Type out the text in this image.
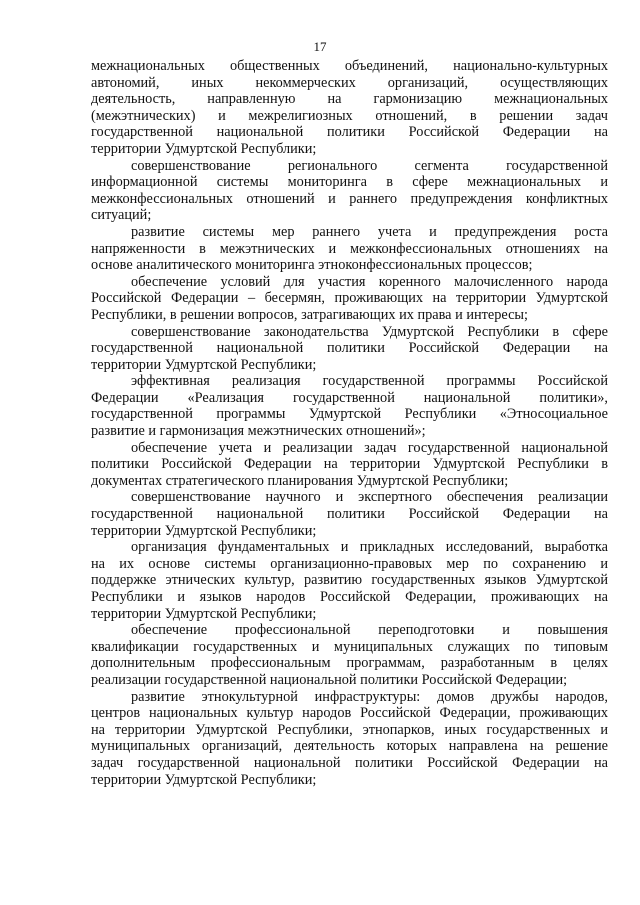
17
межнациональных общественных объединений, национально-культурных
автономий, иных некоммерческих организаций, осуществляющих
деятельность, направленную на гармонизацию межнациональных
(межэтнических) и межрелигиозных отношений, в решении задач
государственной национальной политики Российской Федерации на
территории Удмуртской Республики;
совершенствование регионального сегмента государственной
информационной системы мониторинга в сфере межнациональных и
межконфессиональных отношений и раннего предупреждения конфликтных
ситуаций;
развитие системы мер раннего учета и предупреждения роста
напряженности в межэтнических и межконфессиональных отношениях на
основе аналитического мониторинга этноконфессиональных процессов;
обеспечение условий для участия коренного малочисленного народа
Российской Федерации – бесермян, проживающих на территории Удмуртской
Республики, в решении вопросов, затрагивающих их права и интересы;
совершенствование законодательства Удмуртской Республики в сфере
государственной национальной политики Российской Федерации на
территории Удмуртской Республики;
эффективная реализация государственной программы Российской
Федерации «Реализация государственной национальной политики»,
государственной программы Удмуртской Республики «Этносоциальное
развитие и гармонизация межэтнических отношений»;
обеспечение учета и реализации задач государственной национальной
политики Российской Федерации на территории Удмуртской Республики в
документах стратегического планирования Удмуртской Республики;
совершенствование научного и экспертного обеспечения реализации
государственной национальной политики Российской Федерации на
территории Удмуртской Республики;
организация фундаментальных и прикладных исследований, выработка
на их основе системы организационно-правовых мер по сохранению и
поддержке этнических культур, развитию государственных языков Удмуртской
Республики и языков народов Российской Федерации, проживающих на
территории Удмуртской Республики;
обеспечение профессиональной переподготовки и повышения
квалификации государственных и муниципальных служащих по типовым
дополнительным профессиональным программам, разработанным в целях
реализации государственной национальной политики Российской Федерации;
развитие этнокультурной инфраструктуры: домов дружбы народов,
центров национальных культур народов Российской Федерации, проживающих
на территории Удмуртской Республики, этнопарков, иных государственных и
муниципальных организаций, деятельность которых направлена на решение
задач государственной национальной политики Российской Федерации на
территории Удмуртской Республики;
